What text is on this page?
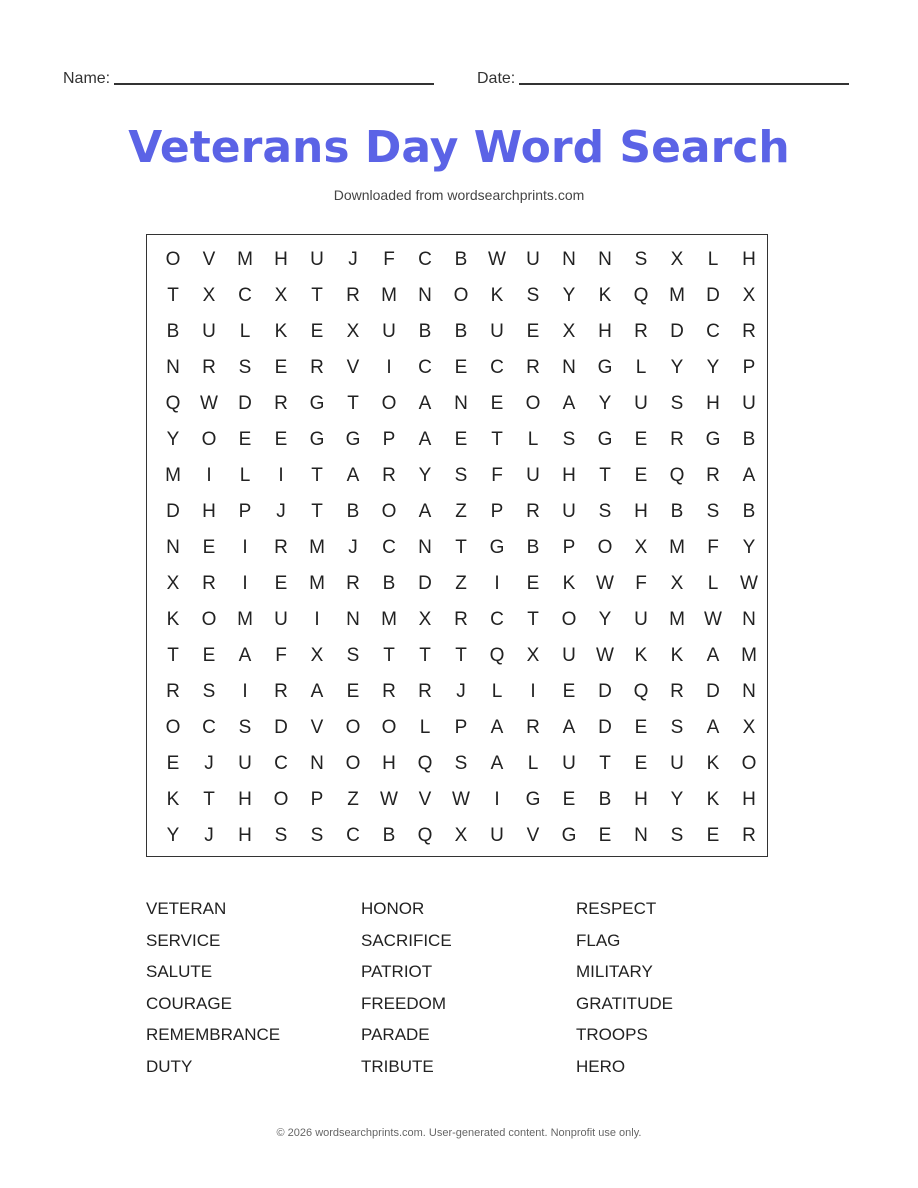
Name:	Date:
Veterans Day Word Search
Downloaded from wordsearchprints.com
O	V	M	H	U	J	F	C	B	W	U	N	N	S	X	L	H
T	X	C	X	T	R	M	N	O	K	S	Y	K	Q	M	D	X
B	U	L	K	E	X	U	B	B	U	E	X	H	R	D	C	R
N	R	S	E	R	V	I	C	E	C	R	N	G	L	Y	Y	P
Q	W	D	R	G	T	O	A	N	E	O	A	Y	U	S	H	U
Y	O	E	E	G	G	P	A	E	T	L	S	G	E	R	G	B
M	I	L	I	T	A	R	Y	S	F	U	H	T	E	Q	R	A
D	H	P	J	T	B	O	A	Z	P	R	U	S	H	B	S	B
N	E	I	R	M	J	C	N	T	G	B	P	O	X	M	F	Y
X	R	I	E	M	R	B	D	Z	I	E	K	W	F	X	L	W
K	O	M	U	I	N	M	X	R	C	T	O	Y	U	M	W	N
T	E	A	F	X	S	T	T	T	Q	X	U	W	K	K	A	M
R	S	I	R	A	E	R	R	J	L	I	E	D	Q	R	D	N
O	C	S	D	V	O	O	L	P	A	R	A	D	E	S	A	X
E	J	U	C	N	O	H	Q	S	A	L	U	T	E	U	K	O
K	T	H	O	P	Z	W	V	W	I	G	E	B	H	Y	K	H
Y	J	H	S	S	C	B	Q	X	U	V	G	E	N	S	E	R
VETERAN	HONOR	RESPECT
SERVICE	SACRIFICE	FLAG
SALUTE	PATRIOT	MILITARY
COURAGE	FREEDOM	GRATITUDE
REMEMBRANCE	PARADE	TROOPS
DUTY	TRIBUTE	HERO
© 2026 wordsearchprints.com. User-generated content. Nonprofit use only.
